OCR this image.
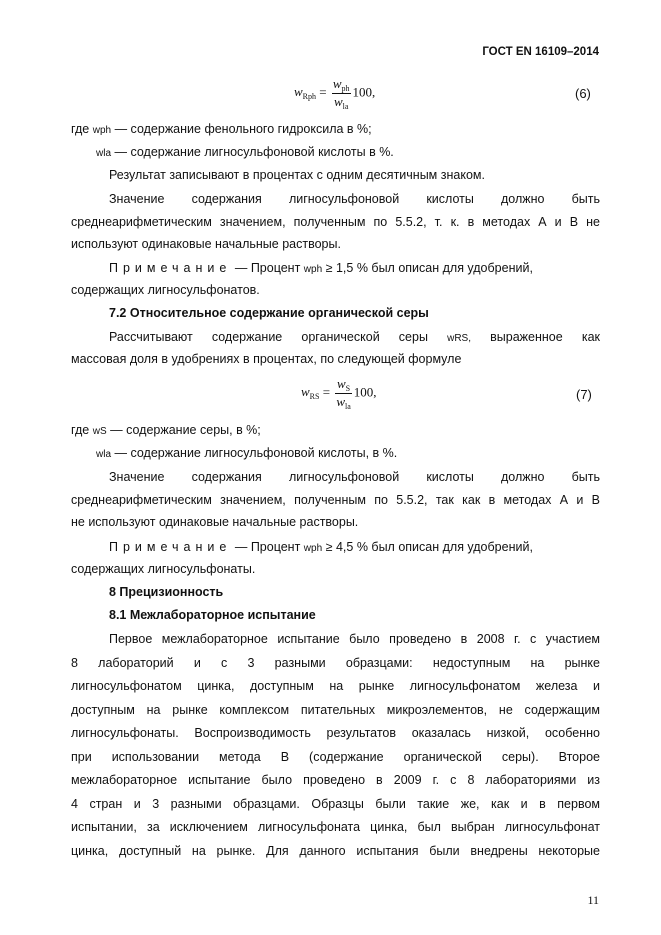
ГОСТ EN 16109–2014
$w_{Rph} = \frac{w_{ph}}{w_{la}} 100$,	(6)
где wph — содержание фенольного гидроксила в %;
wla — содержание лигносульфоновой кислоты в %.
Результат записывают в процентах с одним десятичным знаком.
Значение содержания лигносульфоновой кислоты должно быть
среднеарифметическим значением, полученным по 5.5.2, т. к. в методах А и В не
используют одинаковые начальные растворы.
Примечание — Процент wph ≥ 1,5 % был описан для удобрений,
содержащих лигносульфонатов.
7.2 Относительное содержание органической серы
Рассчитывают содержание органической серы wRS, выраженное как
массовая доля в удобрениях в процентах, по следующей формуле
$w_{RS} = \frac{w_S}{w_{la}} 100$,	(7)
где wS — содержание серы, в %;
wla — содержание лигносульфоновой кислоты, в %.
Значение содержания лигносульфоновой кислоты должно быть
среднеарифметическим значением, полученным по 5.5.2, так как в методах А и В
не используют одинаковые начальные растворы.
Примечание — Процент wph ≥ 4,5 % был описан для удобрений,
содержащих лигносульфонаты.
8 Прецизионность
8.1 Межлабораторное испытание
Первое межлабораторное испытание было проведено в 2008 г. с участием
8 лабораторий и с 3 разными образцами: недоступным на рынке
лигносульфонатом цинка, доступным на рынке лигносульфонатом железа и
доступным на рынке комплексом питательных микроэлементов, не содержащим
лигносульфонаты. Воспроизводимость результатов оказалась низкой, особенно
при использовании метода В (содержание органической серы). Второе
межлабораторное испытание было проведено в 2009 г. с 8 лабораториями из
4 стран и 3 разными образцами. Образцы были такие же, как и в первом
испытании, за исключением лигносульфоната цинка, был выбран лигносульфонат
цинка, доступный на рынке. Для данного испытания были внедрены некоторые
11
